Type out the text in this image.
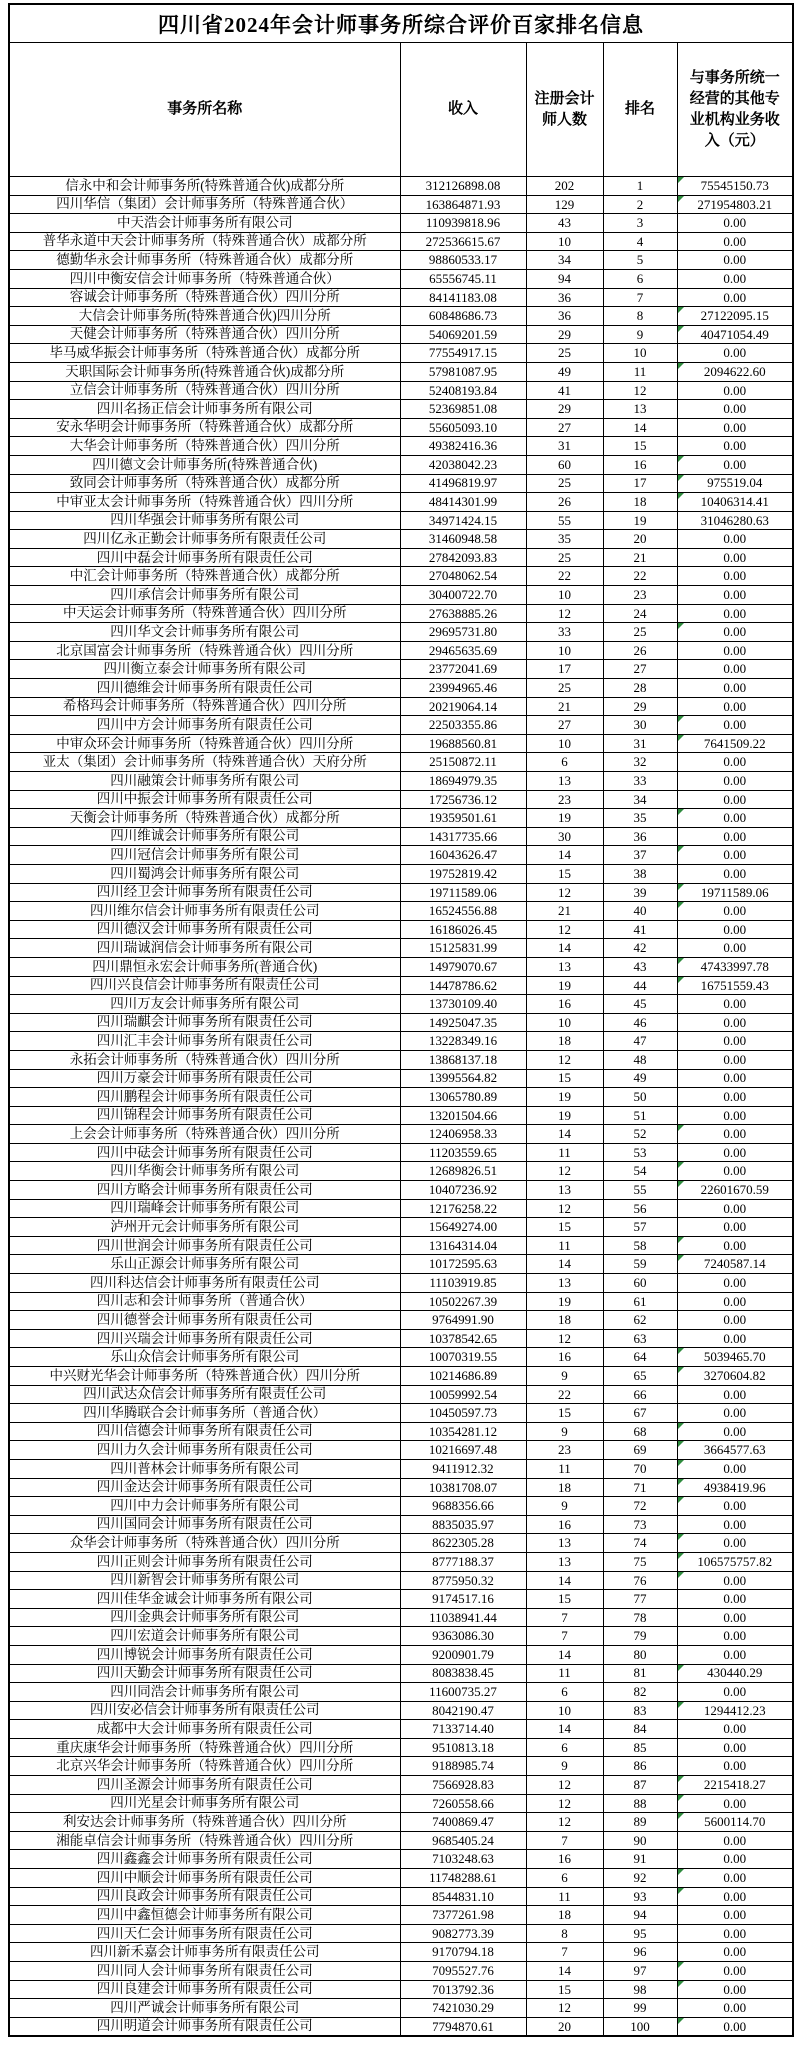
四川省2024年会计师事务所综合评价百家排名信息				
事务所名称	收入	注册会计师人数	排名	与事务所统一经营的其他专业机构业务收入（元）
信永中和会计师事务所(特殊普通合伙)成都分所	312126898.08	202	1	75545150.73

四川华信（集团）会计师事务所（特殊普通合伙）	163864871.93	129	2	271954803.21

中天浩会计师事务所有限公司	110939818.96	43	3	0.00
普华永道中天会计师事务所（特殊普通合伙）成都分所	272536615.67	10	4	0.00
德勤华永会计师事务所（特殊普通合伙）成都分所	98860533.17	34	5	0.00
四川中衡安信会计师事务所（特殊普通合伙）	65556745.11	94	6	0.00
容诚会计师事务所（特殊普通合伙）四川分所	84141183.08	36	7	0.00
大信会计师事务所(特殊普通合伙)四川分所	60848686.73	36	8	27122095.15

天健会计师事务所（特殊普通合伙）四川分所	54069201.59	29	9	40471054.49

毕马威华振会计师事务所（特殊普通合伙）成都分所	77554917.15	25	10	0.00
天职国际会计师事务所(特殊普通合伙)成都分所	57981087.95	49	11	2094622.60

立信会计师事务所（特殊普通合伙）四川分所	52408193.84	41	12	0.00
四川名扬正信会计师事务所有限公司	52369851.08	29	13	0.00
安永华明会计师事务所（特殊普通合伙）成都分所	55605093.10	27	14	0.00
大华会计师事务所（特殊普通合伙）四川分所	49382416.36	31	15	0.00
四川德文会计师事务所(特殊普通合伙)	42038042.23	60	16	0.00

致同会计师事务所（特殊普通合伙）成都分所	41496819.97	25	17	975519.04

中审亚太会计师事务所（特殊普通合伙）四川分所	48414301.99	26	18	10406314.41

四川华强会计师事务所有限公司	34971424.15	55	19	31046280.63
四川亿永正勤会计师事务所有限责任公司	31460948.58	35	20	0.00
四川中磊会计师事务所有限责任公司	27842093.83	25	21	0.00
中汇会计师事务所（特殊普通合伙）成都分所	27048062.54	22	22	0.00
四川承信会计师事务所有限公司	30400722.70	10	23	0.00
中天运会计师事务所（特殊普通合伙）四川分所	27638885.26	12	24	0.00
四川华文会计师事务所有限公司	29695731.80	33	25	0.00

北京国富会计师事务所（特殊普通合伙）四川分所	29465635.69	10	26	0.00
四川衡立泰会计师事务所有限公司	23772041.69	17	27	0.00
四川德维会计师事务所有限责任公司	23994965.46	25	28	0.00
希格玛会计师事务所（特殊普通合伙）四川分所	20219064.14	21	29	0.00
四川中方会计师事务所有限责任公司	22503355.86	27	30	0.00

中审众环会计师事务所（特殊普通合伙）四川分所	19688560.81	10	31	7641509.22

亚太（集团）会计师事务所（特殊普通合伙）天府分所	25150872.11	6	32	0.00
四川融策会计师事务所有限公司	18694979.35	13	33	0.00
四川中振会计师事务所有限责任公司	17256736.12	23	34	0.00
天衡会计师事务所（特殊普通合伙）成都分所	19359501.61	19	35	0.00

四川维诚会计师事务所有限公司	14317735.66	30	36	0.00
四川冠信会计师事务所有限公司	16043626.47	14	37	0.00

四川蜀鸿会计师事务所有限公司	19752819.42	15	38	0.00
四川经卫会计师事务所有限责任公司	19711589.06	12	39	19711589.06

四川维尔信会计师事务所有限责任公司	16524556.88	21	40	0.00

四川德汉会计师事务所有限责任公司	16186026.45	12	41	0.00
四川瑞诚润信会计师事务所有限公司	15125831.99	14	42	0.00
四川鼎恒永宏会计师事务所(普通合伙)	14979070.67	13	43	47433997.78

四川兴良信会计师事务所有限责任公司	14478786.62	19	44	16751559.43

四川万友会计师事务所有限公司	13730109.40	16	45	0.00
四川瑞麒会计师事务所有限责任公司	14925047.35	10	46	0.00
四川汇丰会计师事务所有限责任公司	13228349.16	18	47	0.00
永拓会计师事务所（特殊普通合伙）四川分所	13868137.18	12	48	0.00
四川万豪会计师事务所有限责任公司	13995564.82	15	49	0.00
四川鹏程会计师事务所有限责任公司	13065780.89	19	50	0.00
四川锦程会计师事务所有限责任公司	13201504.66	19	51	0.00
上会会计师事务所（特殊普通合伙）四川分所	12406958.33	14	52	0.00

四川中砝会计师事务所有限责任公司	11203559.65	11	53	0.00
四川华衡会计师事务所有限公司	12689826.51	12	54	0.00

四川方略会计师事务所有限责任公司	10407236.92	13	55	22601670.59

四川瑞峰会计师事务所有限公司	12176258.22	12	56	0.00
泸州开元会计师事务所有限公司	15649274.00	15	57	0.00
四川世润会计师事务所有限责任公司	13164314.04	11	58	0.00

乐山正源会计师事务所有限公司	10172595.63	14	59	7240587.14

四川科达信会计师事务所有限责任公司	11103919.85	13	60	0.00
四川志和会计师事务所（普通合伙）	10502267.39	19	61	0.00
四川德誉会计师事务所有限责任公司	9764991.90	18	62	0.00
四川兴瑞会计师事务所有限责任公司	10378542.65	12	63	0.00
乐山众信会计师事务所有限公司	10070319.55	16	64	5039465.70

中兴财光华会计师事务所（特殊普通合伙）四川分所	10214686.89	9	65	3270604.82

四川武达众信会计师事务所有限责任公司	10059992.54	22	66	0.00
四川华腾联合会计师事务所（普通合伙）	10450597.73	15	67	0.00
四川信德会计师事务所有限责任公司	10354281.12	9	68	0.00

四川力久会计师事务所有限责任公司	10216697.48	23	69	3664577.63

四川普林会计师事务所有限公司	9411912.32	11	70	0.00

四川金达会计师事务所有限责任公司	10381708.07	18	71	4938419.96

四川中力会计师事务所有限公司	9688356.66	9	72	0.00

四川国同会计师事务所有限责任公司	8835035.97	16	73	0.00
众华会计师事务所（特殊普通合伙）四川分所	8622305.28	13	74	0.00

四川正则会计师事务所有限责任公司	8777188.37	13	75	106575757.82

四川新智会计师事务所有限公司	8775950.32	14	76	0.00

四川佳华金诚会计师事务所有限公司	9174517.16	15	77	0.00
四川金典会计师事务所有限公司	11038941.44	7	78	0.00
四川宏道会计师事务所有限公司	9363086.30	7	79	0.00
四川博锐会计师事务所有限责任公司	9200901.79	14	80	0.00
四川天勤会计师事务所有限责任公司	8083838.45	11	81	430440.29

四川同浩会计师事务所有限公司	11600735.27	6	82	0.00
四川安必信会计师事务所有限责任公司	8042190.47	10	83	1294412.23

成都中大会计师事务所有限责任公司	7133714.40	14	84	0.00
重庆康华会计师事务所（特殊普通合伙）四川分所	9510813.18	6	85	0.00
北京兴华会计师事务所（特殊普通合伙）四川分所	9188985.74	9	86	0.00
四川圣源会计师事务所有限责任公司	7566928.83	12	87	2215418.27

四川光星会计师事务所有限公司	7260558.66	12	88	0.00

利安达会计师事务所（特殊普通合伙）四川分所	7400869.47	12	89	5600114.70

湘能卓信会计师事务所（特殊普通合伙）四川分所	9685405.24	7	90	0.00
四川鑫鑫会计师事务所有限责任公司	7103248.63	16	91	0.00
四川中顺会计师事务所有限责任公司	11748288.61	6	92	0.00

四川良政会计师事务所有限责任公司	8544831.10	11	93	0.00

四川中鑫恒德会计师事务所有限公司	7377261.98	18	94	0.00
四川天仁会计师事务所有限责任公司	9082773.39	8	95	0.00
四川新禾嘉会计师事务所有限责任公司	9170794.18	7	96	0.00
四川同人会计师事务所有限责任公司	7095527.76	14	97	0.00

四川良建会计师事务所有限责任公司	7013792.36	15	98	0.00

四川严诚会计师事务所有限公司	7421030.29	12	99	0.00
四川明道会计师事务所有限责任公司	7794870.61	20	100	0.00
